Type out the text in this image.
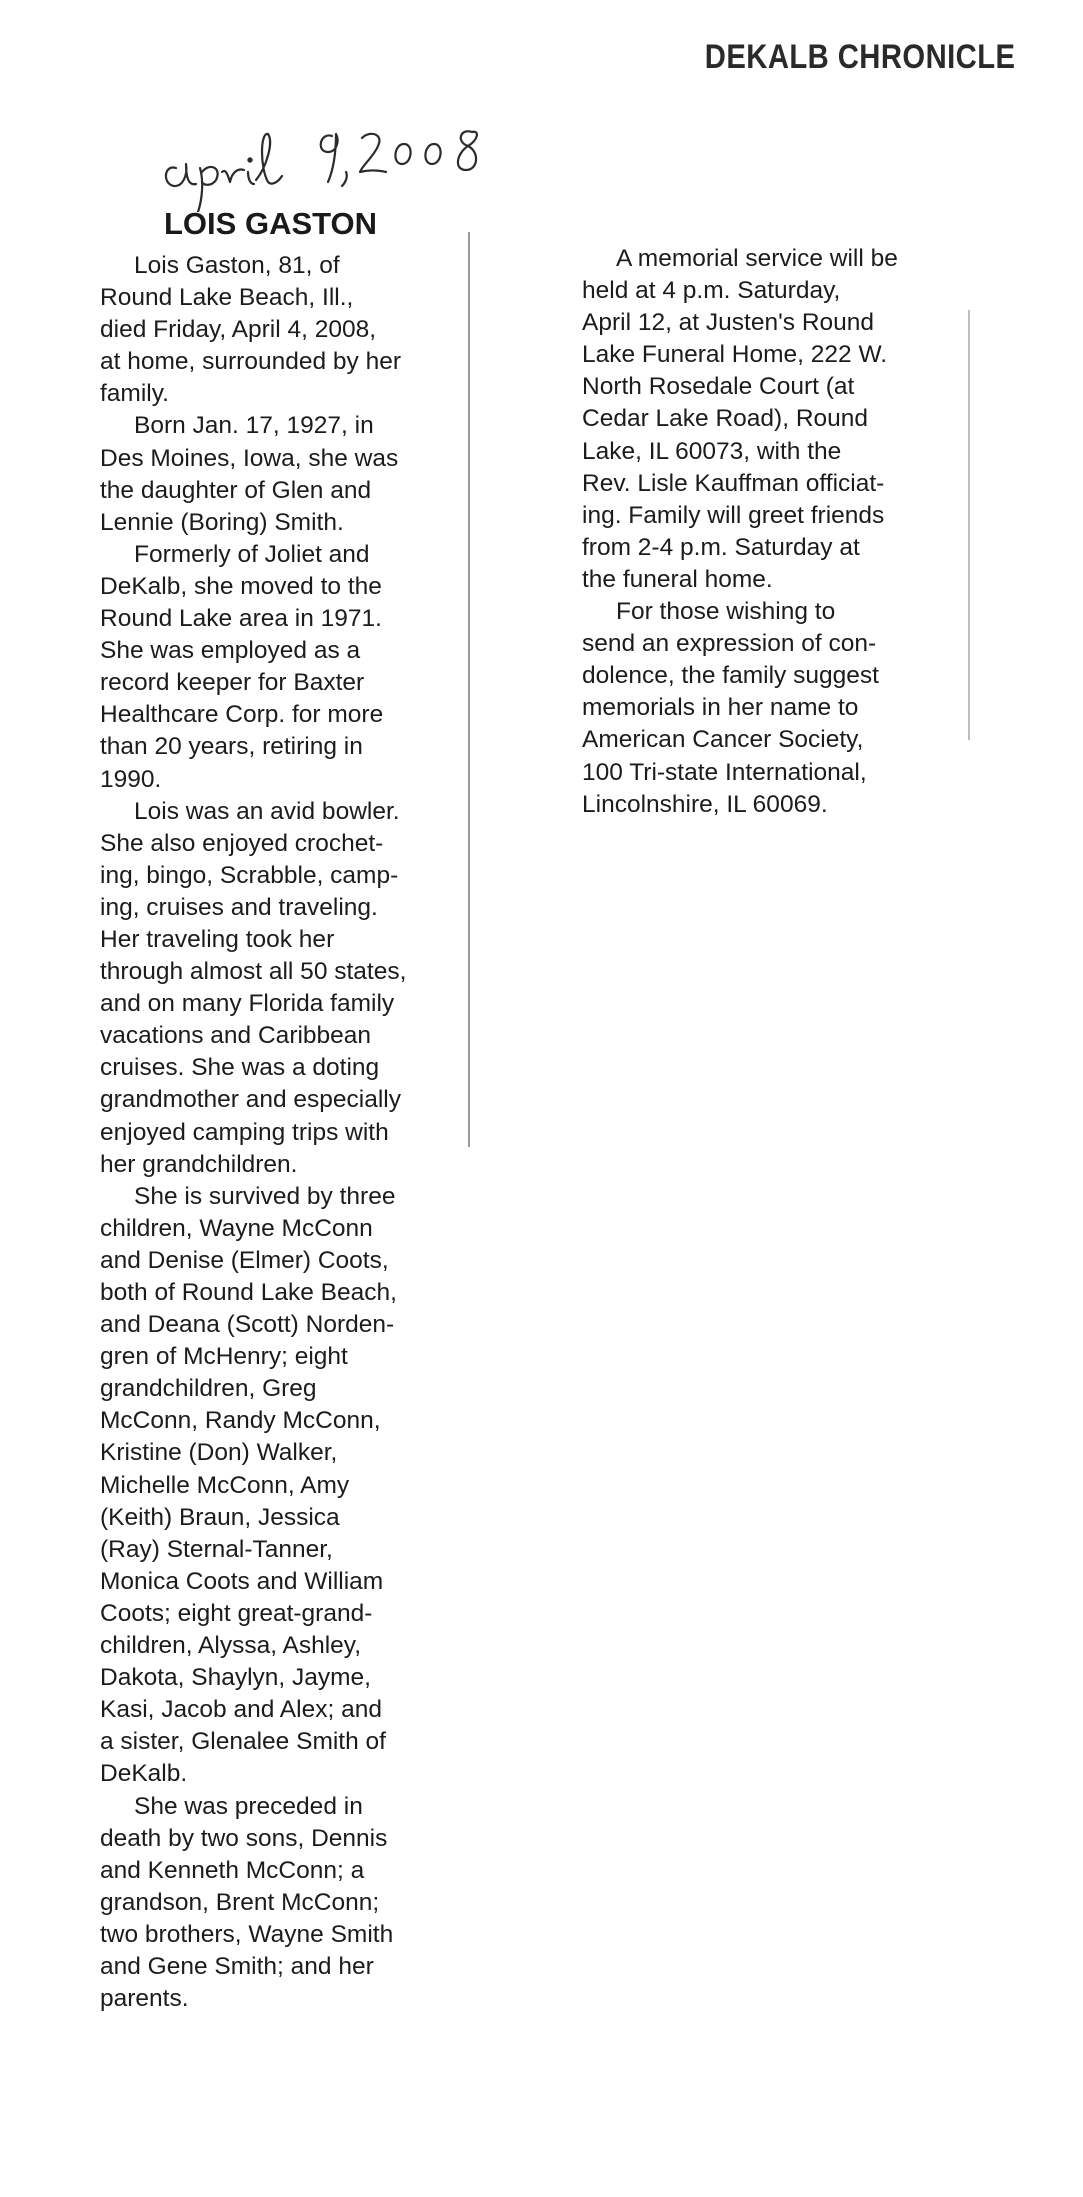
DEKALB CHRONICLE
LOIS GASTON

Lois Gaston, 81, of
Round Lake Beach, Ill.,
died Friday, April 4, 2008,
at home, surrounded by her
family.

Born Jan. 17, 1927, in
Des Moines, Iowa, she was
the daughter of Glen and
Lennie (Boring) Smith.

Formerly of Joliet and
DeKalb, she moved to the
Round Lake area in 1971.
She was employed as a
record keeper for Baxter
Healthcare Corp. for more
than 20 years, retiring in
1990.

Lois was an avid bowler.
She also enjoyed crochet-
ing, bingo, Scrabble, camp-
ing, cruises and traveling.
Her traveling took her
through almost all 50 states,
and on many Florida family
vacations and Caribbean
cruises. She was a doting
grandmother and especially
enjoyed camping trips with
her grandchildren.

She is survived by three
children, Wayne McConn
and Denise (Elmer) Coots,
both of Round Lake Beach,
and Deana (Scott) Norden-
gren of McHenry; eight
grandchildren, Greg
McConn, Randy McConn,
Kristine (Don) Walker,
Michelle McConn, Amy
(Keith) Braun, Jessica
(Ray) Sternal-Tanner,
Monica Coots and William
Coots; eight great-grand-
children, Alyssa, Ashley,
Dakota, Shaylyn, Jayme,
Kasi, Jacob and Alex; and
a sister, Glenalee Smith of
DeKalb.

She was preceded in
death by two sons, Dennis
and Kenneth McConn; a
grandson, Brent McConn;
two brothers, Wayne Smith
and Gene Smith; and her
parents.

A memorial service will be
held at 4 p.m. Saturday,
April 12, at Justen's Round
Lake Funeral Home, 222 W.
North Rosedale Court (at
Cedar Lake Road), Round
Lake, IL 60073, with the
Rev. Lisle Kauffman officiat-
ing. Family will greet friends
from 2-4 p.m. Saturday at
the funeral home.

For those wishing to
send an expression of con-
dolence, the family suggest
memorials in her name to
American Cancer Society,
100 Tri-state International,
Lincolnshire, IL 60069.
